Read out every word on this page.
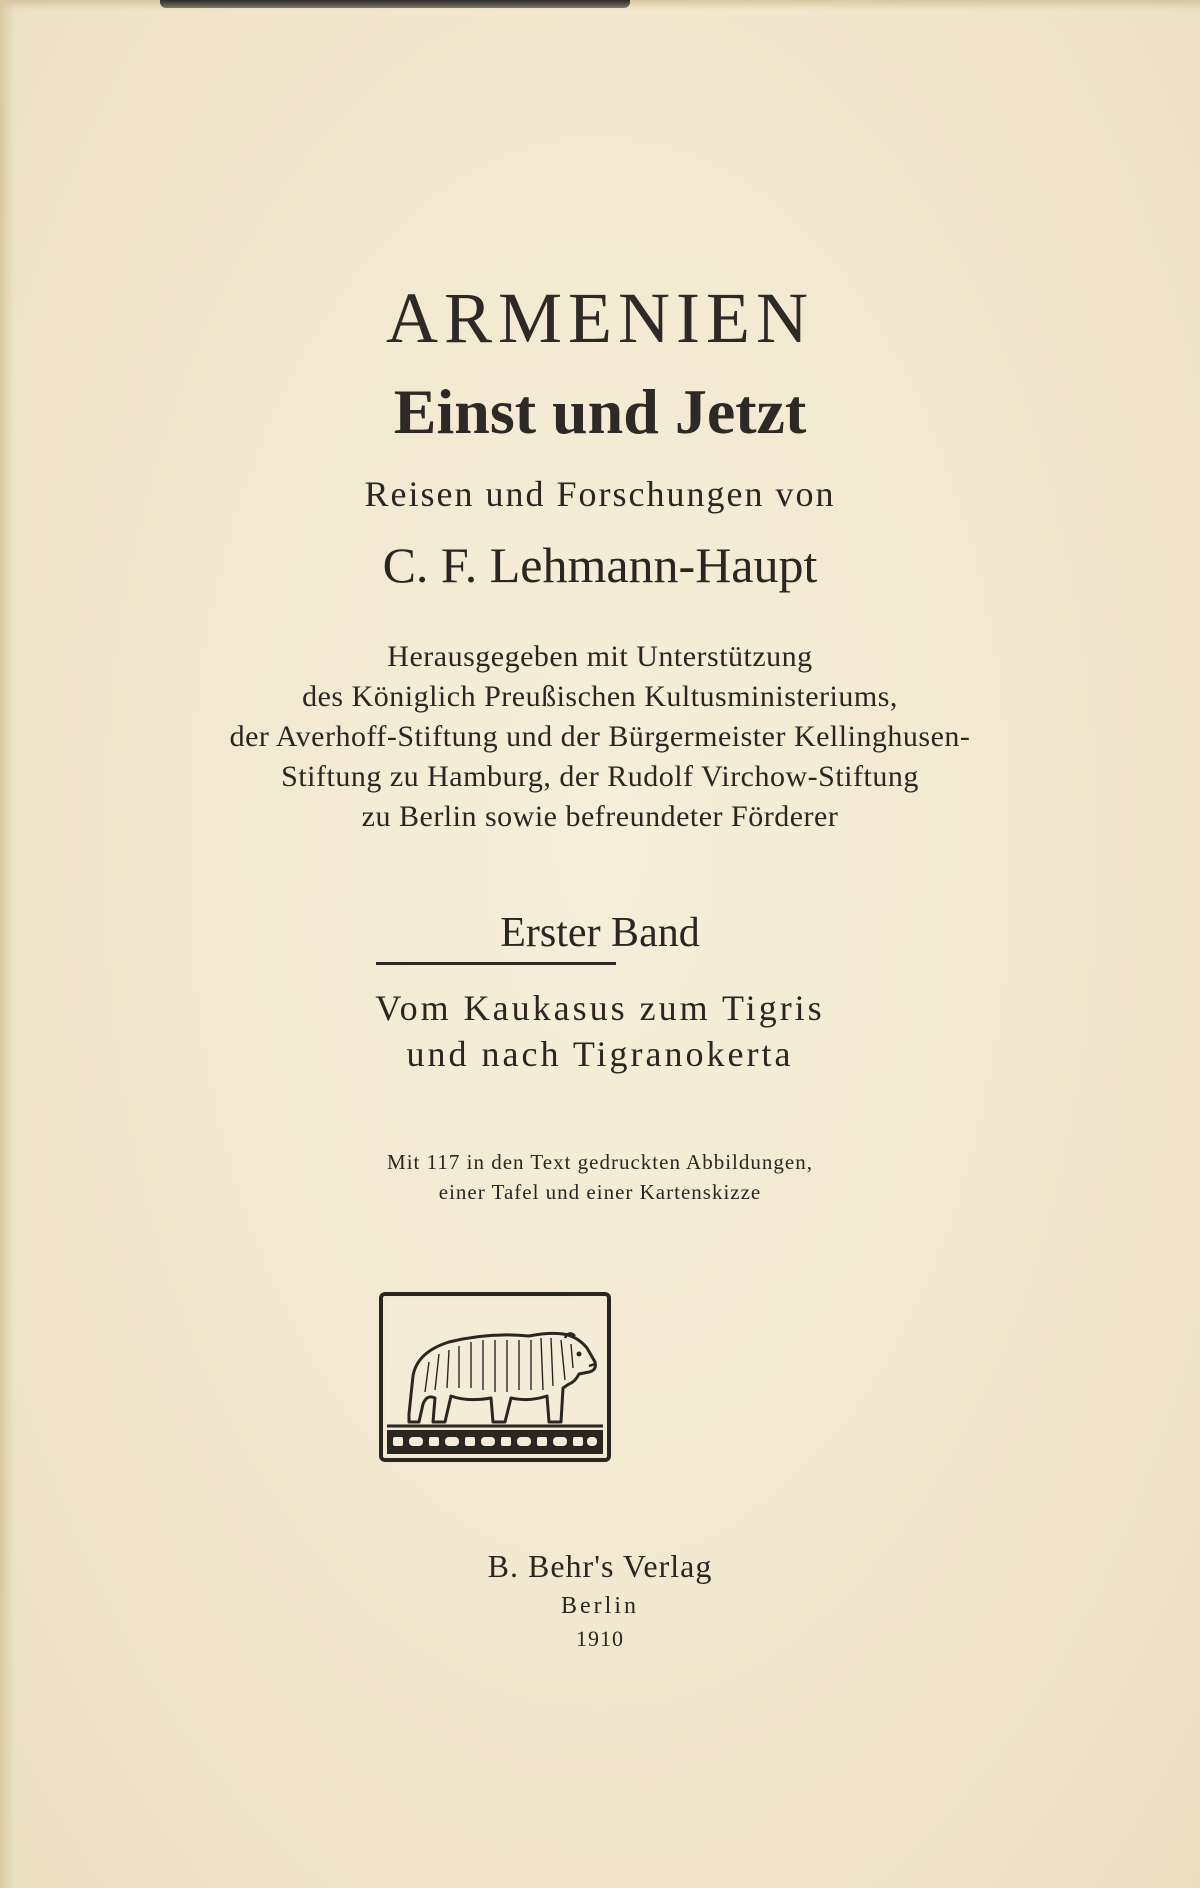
ARMENIEN
Einst und Jetzt

Reisen und Forschungen von

C. F. Lehmann-Haupt

Herausgegeben mit Unterstützung

des Königlich Preußischen Kultusministeriums,

der Averhoff-Stiftung und der Bürgermeister Kellinghusen-

Stiftung zu Hamburg, der Rudolf Virchow-Stiftung

zu Berlin sowie befreundeter Förderer

Erster Band

Vom Kaukasus zum Tigris

und nach Tigranokerta

Mit 117 in den Text gedruckten Abbildungen,

einer Tafel und einer Kartenskizze

B. Behr's Verlag

Berlin

1910
